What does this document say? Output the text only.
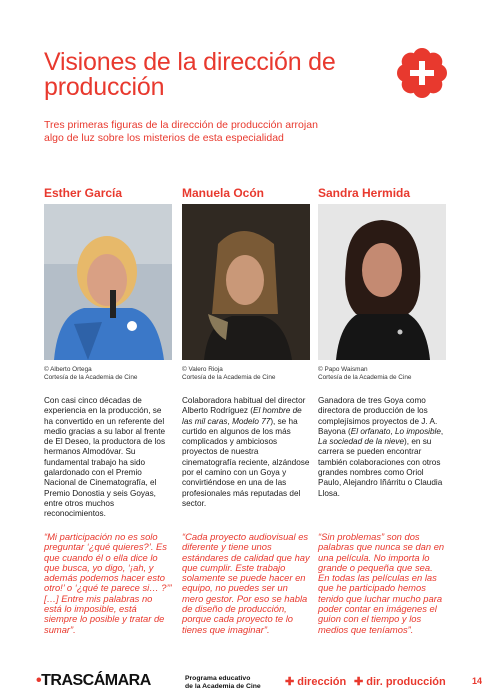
Visiones de la dirección de producción

Tres primeras figuras de la dirección de producción arrojan algo de luz sobre los misterios de esta especialidad

Esther García
© Alberto Ortega
Cortesía de la Academia de Cine

Con casi cinco décadas de experiencia en la producción, se ha convertido en un referente del medio gracias a su labor al frente de El Deseo, la productora de los hermanos Almodóvar. Su fundamental trabajo ha sido galardonado con el Premio Nacional de Cinematografía, el Premio Donostia y seis Goyas, entre otros muchos reconocimientos.

“Mi participación no es solo preguntar ‘¿qué quieres?’. Es que cuando él o ella dice lo que busca, yo digo, ‘¡ah, y además podemos hacer esto otro!’ o ‘¿qué te parece si… ?’” […] Entre mis palabras no está lo imposible, está siempre lo posible y tratar de sumar”.

Manuela Ocón
© Valero Rioja
Cortesía de la Academia de Cine

Colaboradora habitual del director Alberto Rodríguez (El hombre de las mil caras, Modelo 77), se ha curtido en algunos de los más complicados y ambiciosos proyectos de nuestra cinematografía reciente, alzándose por el camino con un Goya y convirtiéndose en una de las profesionales más reputadas del sector.

“Cada proyecto audiovisual es diferente y tiene unos estándares de calidad que hay que cumplir. Este trabajo solamente se puede hacer en equipo, no puedes ser un mero gestor. Por eso se habla de diseño de producción, porque cada proyecto te lo tienes que imaginar”.

Sandra Hermida
© Papo Waisman
Cortesía de la Academia de Cine

Ganadora de tres Goya como directora de producción de los complejísimos proyectos de J. A. Bayona (El orfanato, Lo imposible, La sociedad de la nieve), en su carrera se pueden encontrar también colaboraciones con otros grandes nombres como Oriol Paulo, Alejandro Iñárritu o Claudia Llosa.

“Sin problemas” son dos palabras que nunca se dan en una película. No importa lo grande o pequeña que sea. En todas las películas en las que he participado hemos tenido que luchar mucho para poder contar en imágenes el guion con el tiempo y los medios que teníamos”.

•TRASCÁMARA	Programa educativo
de la Academia de Cine ✚ dirección ✚ dir. producción	14
